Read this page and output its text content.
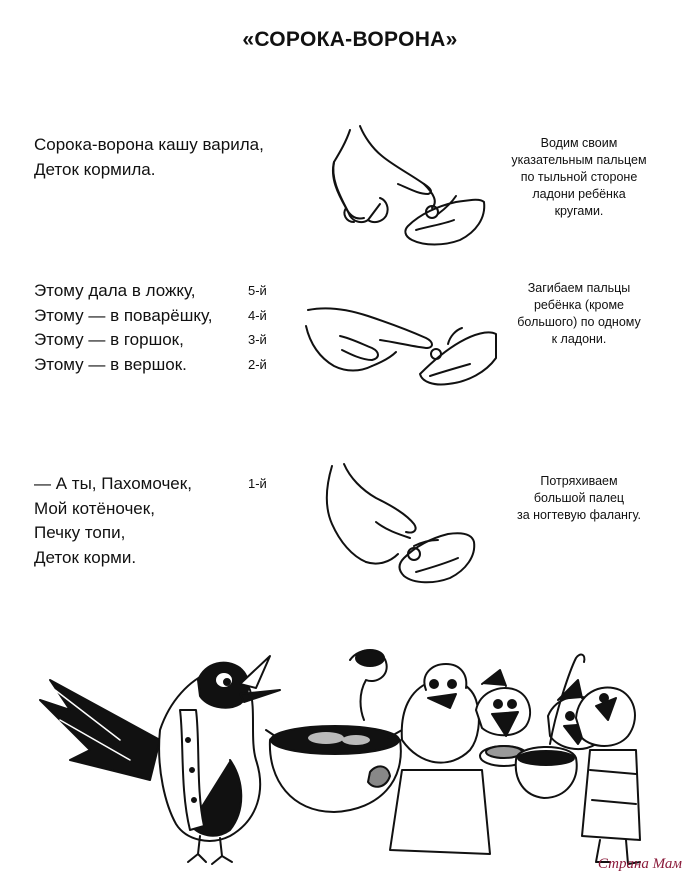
«СОРОКА-ВОРОНА»
Сорока-ворона кашу варила,
Деток кормила.
Водим своим
указательным пальцем
по тыльной стороне
ладони ребёнка
кругами.
Этому дала в ложку,	5-й
Этому — в поварёшку,	4-й
Этому — в горшок,	3-й
Этому — в вершок.	2-й
Загибаем пальцы
ребёнка (кроме
большого) по одному
к ладони.
— А ты, Пахомочек,	1-й
Мой котёночек,
Печку топи,
Деток корми.
Потряхиваем
большой палец
за ногтевую фалангу.
Страна Мам
